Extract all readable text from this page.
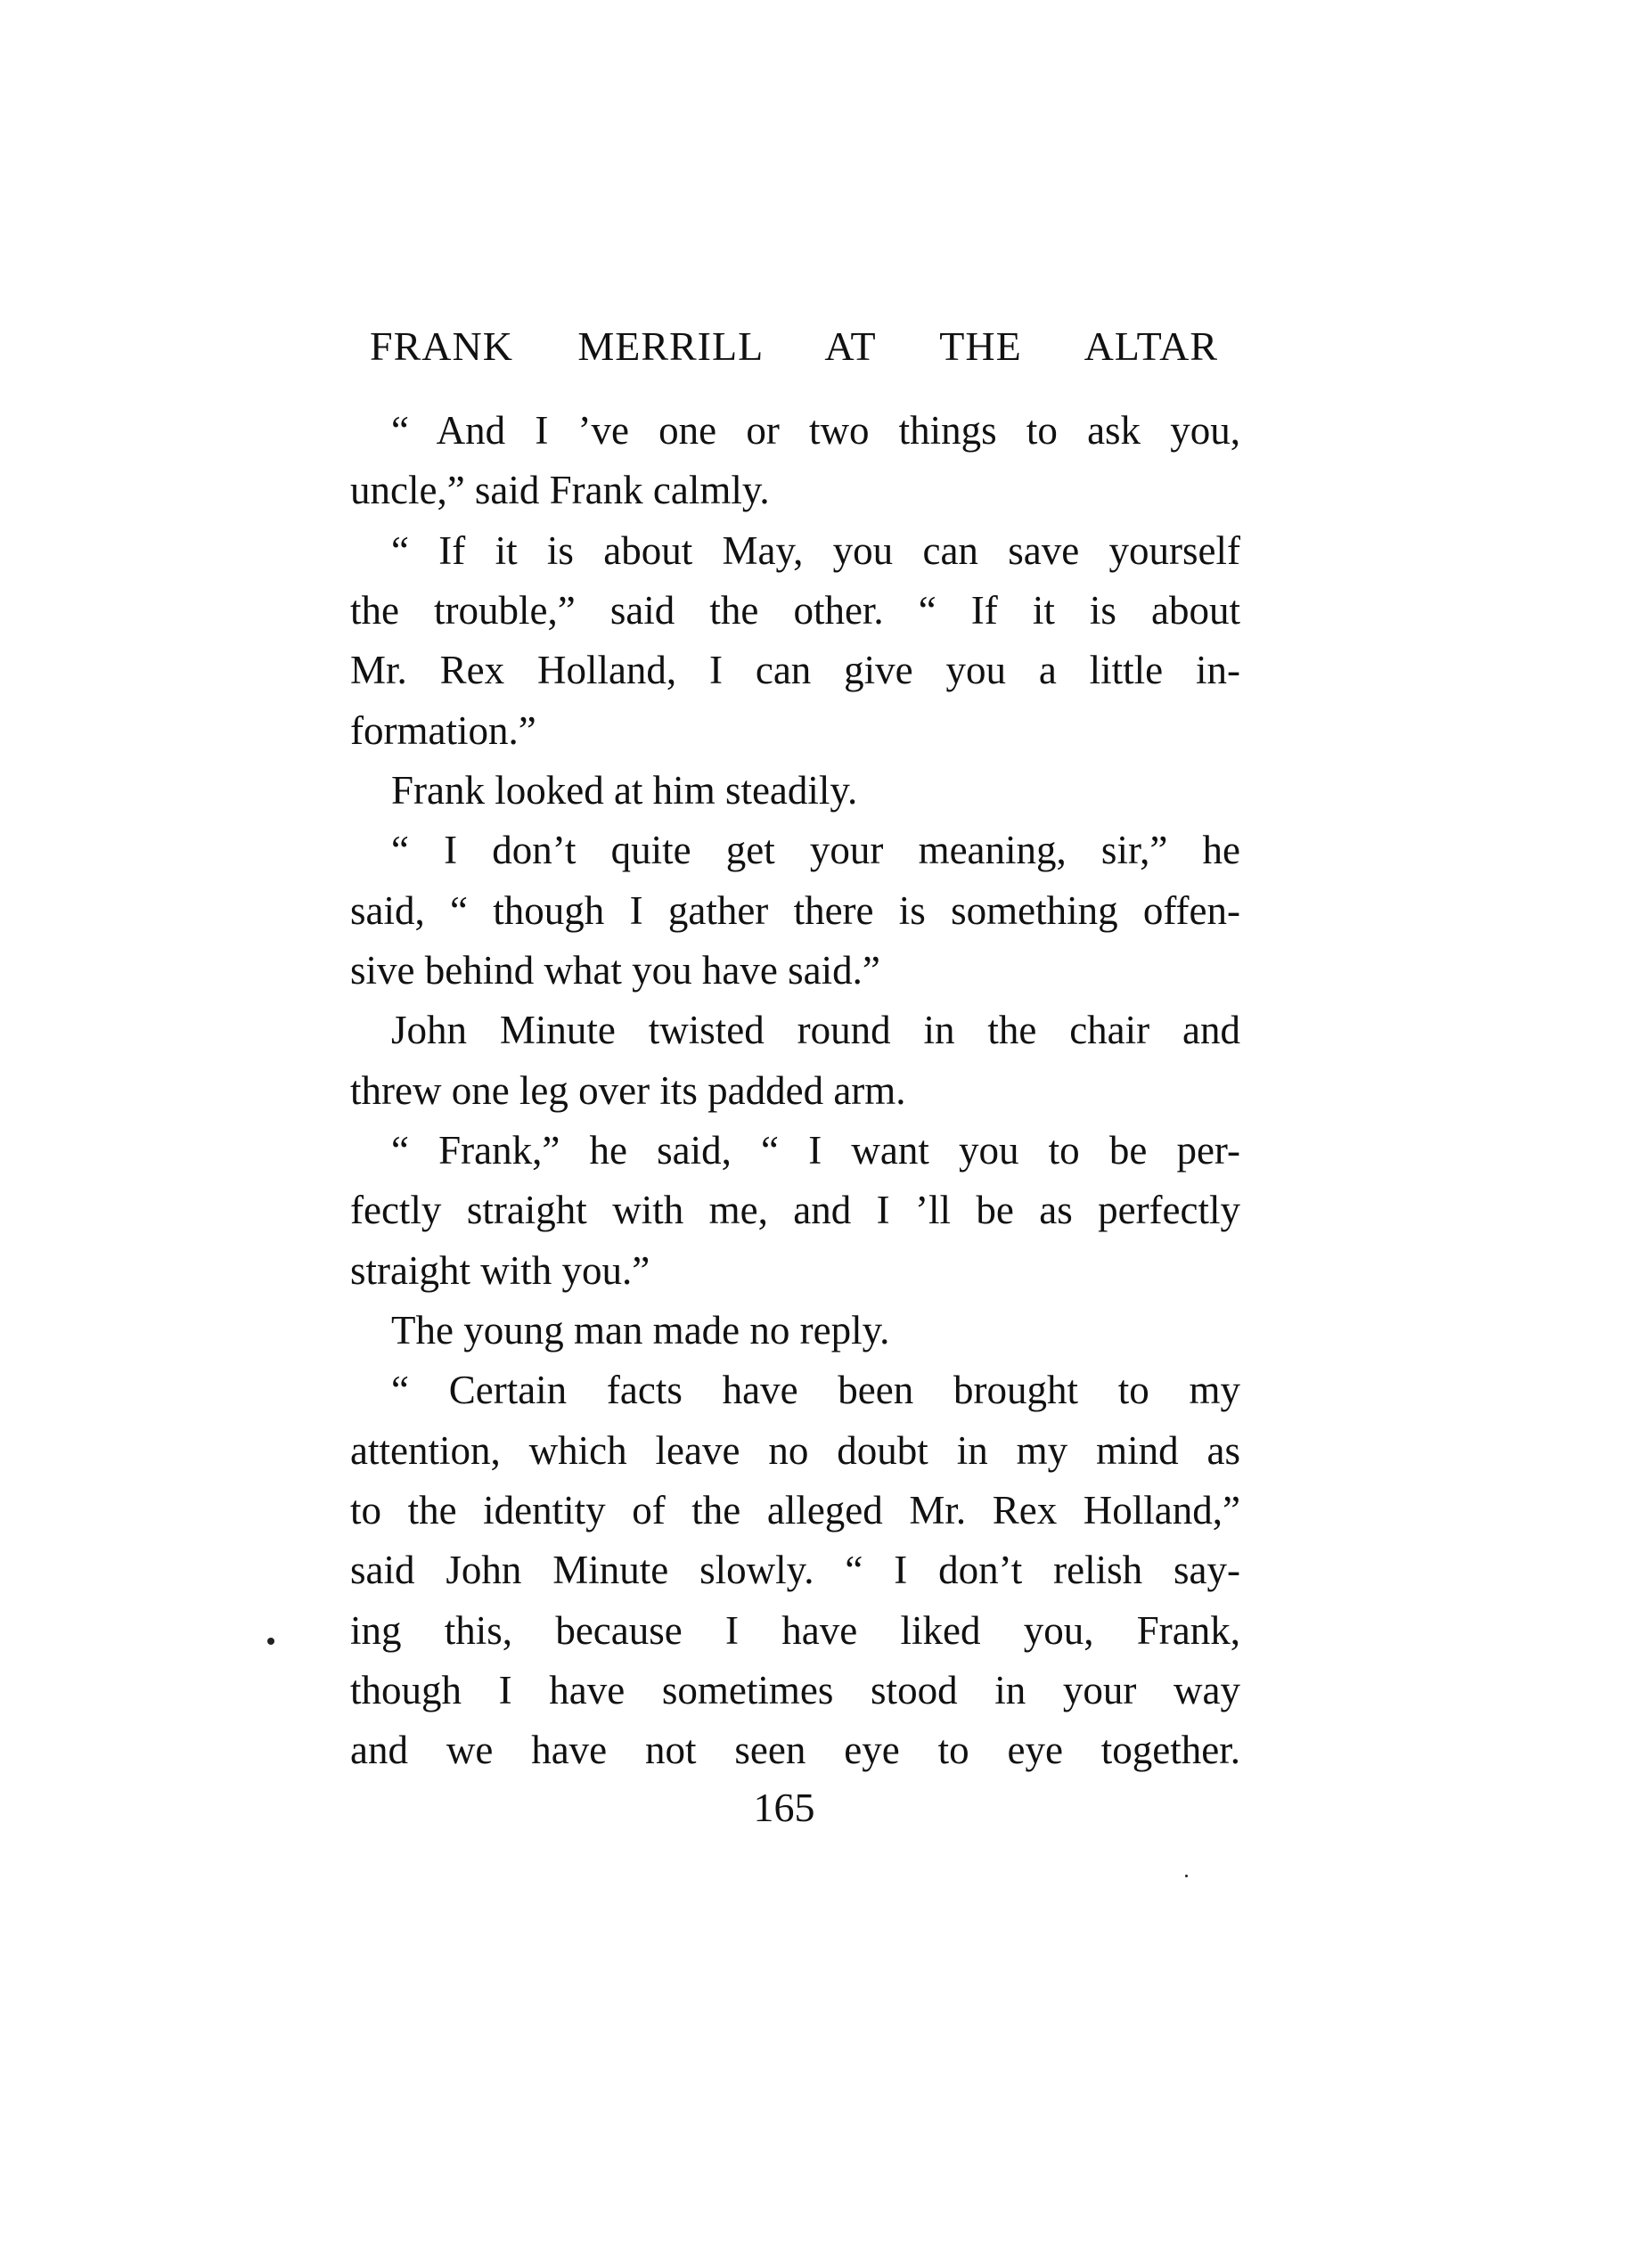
FRANK MERRILL AT THE ALTAR
“ And I ’ve one or two things to ask you,
uncle,” said Frank calmly.
“ If it is about May, you can save yourself
the trouble,” said the other. “ If it is about
Mr. Rex Holland, I can give you a little in-
formation.”
Frank looked at him steadily.
“ I don’t quite get your meaning, sir,” he
said, “ though I gather there is something offen-
sive behind what you have said.”
John Minute twisted round in the chair and
threw one leg over its padded arm.
“ Frank,” he said, “ I want you to be per-
fectly straight with me, and I ’ll be as perfectly
straight with you.”
The young man made no reply.
“ Certain facts have been brought to my
attention, which leave no doubt in my mind as
to the identity of the alleged Mr. Rex Holland,”
said John Minute slowly. “ I don’t relish say-
ing this, because I have liked you, Frank,
though I have sometimes stood in your way
and we have not seen eye to eye together.
165
